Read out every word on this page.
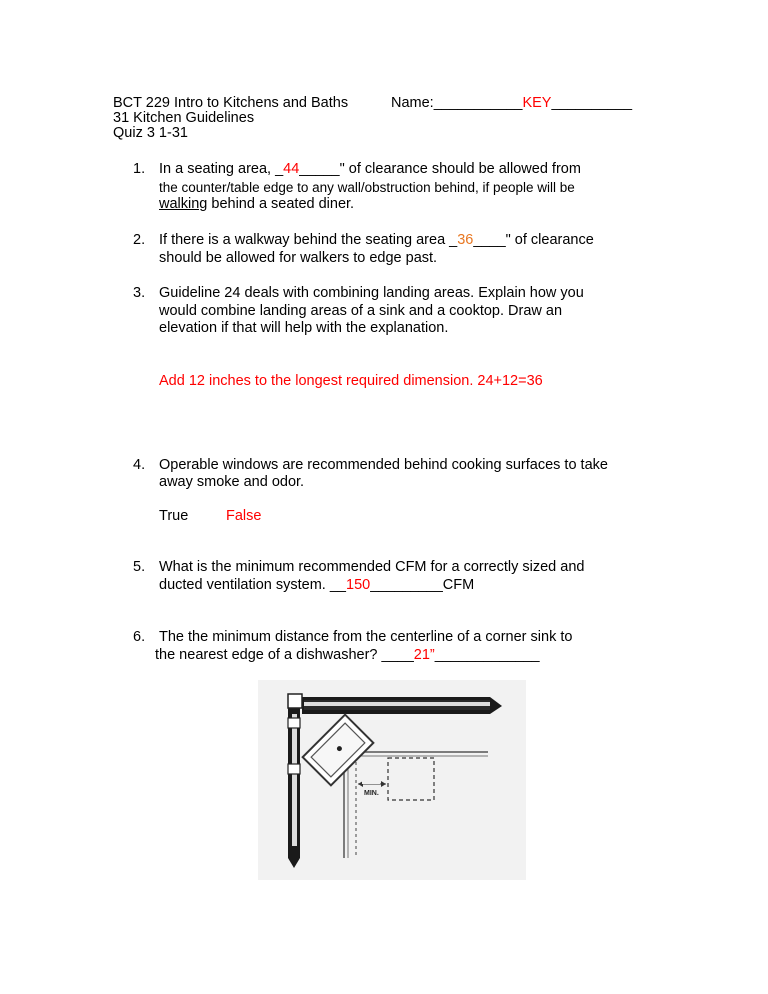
BCT 229 Intro to Kitchens and Baths
31 Kitchen Guidelines
Quiz 3 1-31
Name:___________KEY__________
1. In a seating area, _44_____" of clearance should be allowed from
the counter/table edge to any wall/obstruction behind, if people will be
walking behind a seated diner.
2. If there is a walkway behind the seating area _36____" of clearance
should be allowed for walkers to edge past.
3. Guideline 24 deals with combining landing areas. Explain how you
would combine landing areas of a sink and a cooktop. Draw an
elevation if that will help with the explanation.
Add 12 inches to the longest required dimension. 24+12=36
4. Operable windows are recommended behind cooking surfaces to take
away smoke and odor.
True	False
5. What is the minimum recommended CFM for a correctly sized and
ducted ventilation system. __150_________CFM
6. The the minimum distance from the centerline of a corner sink to
the nearest edge of a dishwasher? ____21”_____________
MIN.
